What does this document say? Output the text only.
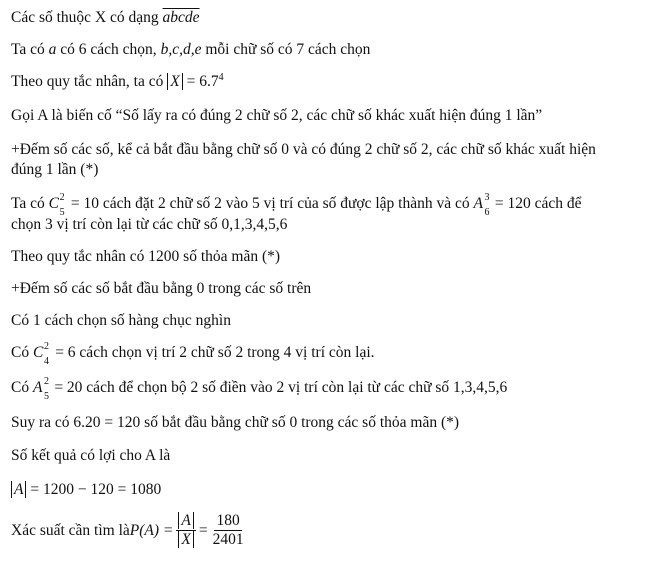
Các số thuộc X có dạng abcde
Ta có a có 6 cách chọn, b,c,d,e mỗi chữ số có 7 cách chọn
Theo quy tắc nhân, ta có $X = 6.7^4$
Gọi A là biến cố “Số lấy ra có đúng 2 chữ số 2, các chữ số khác xuất hiện đúng 1 lần”
+Đếm số các số, kể cả bắt đầu bằng chữ số 0 và có đúng 2 chữ số 2, các chữ số khác xuất hiện
đúng 1 lần (*)
Ta có C 2
5
= 10 cách đặt 2 chữ số 2 vào 5 vị trí của số được lập thành và có A 3
6
= 120 cách để
chọn 3 vị trí còn lại từ các chữ số 0,1,3,4,5,6
Theo quy tắc nhân có 1200 số thỏa mãn (*)
+Đếm số các số bắt đầu bằng 0 trong các số trên
Có 1 cách chọn số hàng chục nghìn
Có C 2
4
= 6 cách chọn vị trí 2 chữ số 2 trong 4 vị trí còn lại.
Có A 2
5
= 20 cách để chọn bộ 2 số điền vào 2 vị trí còn lại từ các chữ số 1,3,4,5,6
Suy ra có 6.20 = 120 số bắt đầu bằng chữ số 0 trong các số thỏa mãn (*)
Số kết quả có lợi cho A là
A = 1200 − 120 = 1080
Xác suất cần tìm là $P(A) = \frac{A}{X} = \frac{180}{2401}$
